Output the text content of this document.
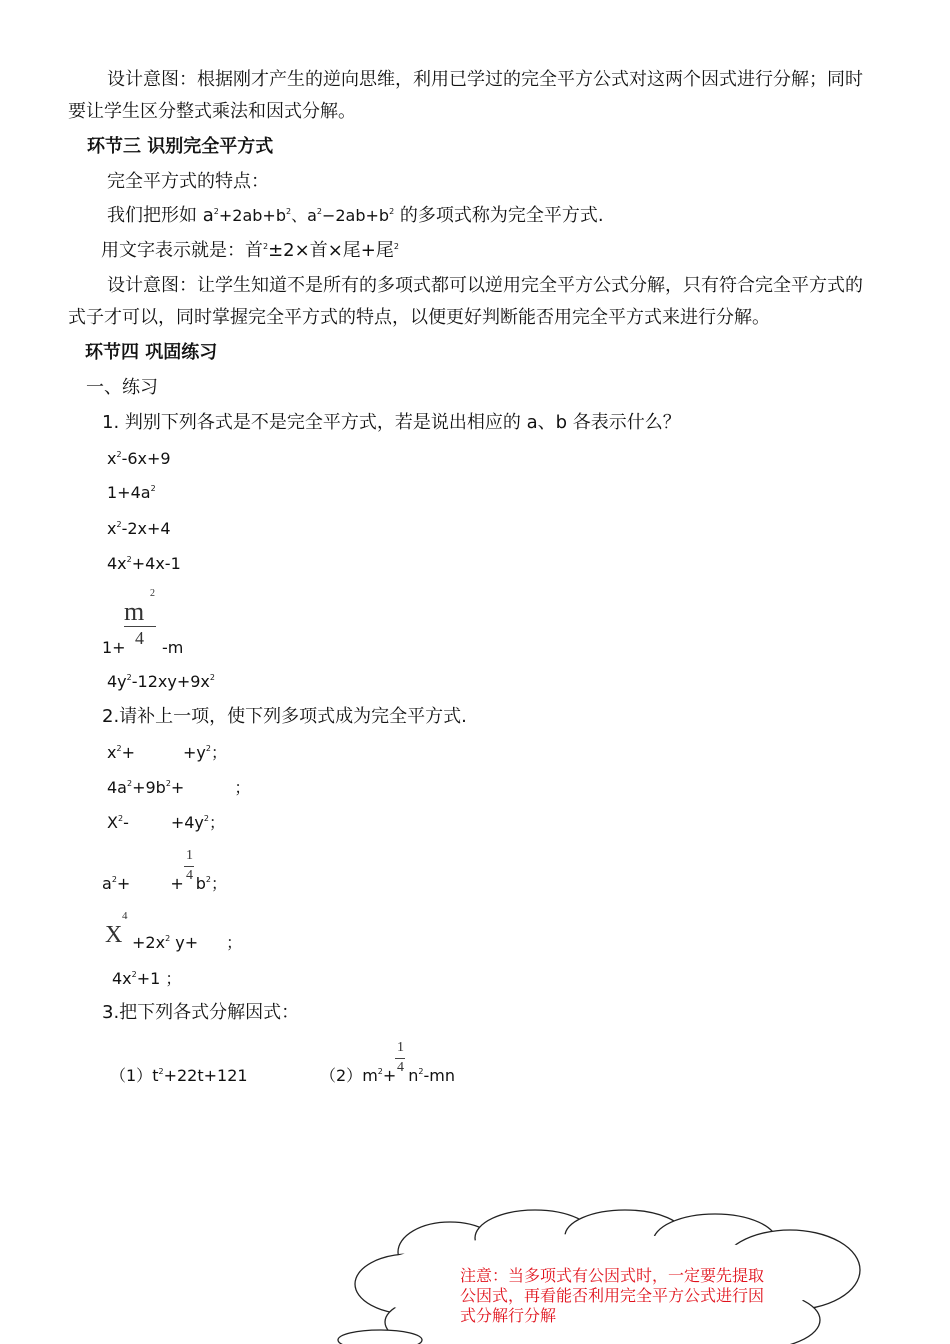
设计意图：根据刚才产生的逆向思维，利用已学过的完全平方公式对这两个因式进行分解；同时
要让学生区分整式乘法和因式分解。
环节三 识别完全平方式
完全平方式的特点：
我们把形如 $a^2+2ab+b^2$、$a^2-2ab+b^2$ 的多项式称为完全平方式.
用文字表示就是：首$^2$±2×首×尾+尾$^2$
设计意图：让学生知道不是所有的多项式都可以逆用完全平方公式分解，只有符合完全平方式的
式子才可以，同时掌握完全平方式的特点，以便更好判断能否用完全平方式来进行分解。
环节四 巩固练习
一、练习
1. 判别下列各式是不是完全平方式，若是说出相应的 a、b 各表示什么？
$x^2-6x+9$
$1+4a^2$
$x^2-2x+4$
$4x^2+4x-1$
m
2
4
1+ -m
$4y^2-12xy+9x^2$
2.请补上一项，使下列多项式成为完全平方式.
$x^2+$	$+y^2$；
$4a^2+9b^2+$	；
$X^2-$	$+4y^2$；
1
4
$a^2+$	+ $b^2$；
X
4
$+2x^2$ y+ ；
$4x^2+1$ ；
3.把下列各式分解因式：
$(1)t^2+22t+121$
1
4
$(2)m^2+ n^2-mn$
注意：当多项式有公因式时，一定要先提取公因式，再看能否利用完全平方公式进行因式分解行分解
